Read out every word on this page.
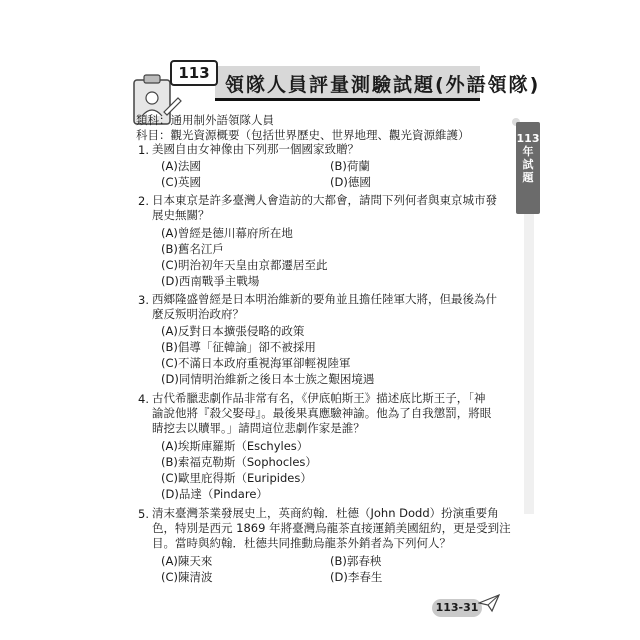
113
領隊人員評量測驗試題(外語領隊)
類科：通用制外語領隊人員
科目：觀光資源概要（包括世界歷史、世界地理、觀光資源維護）	113
年
試
題
1. 美國自由女神像由下列那一個國家致贈？
(A)法國	(B)荷蘭
(C)英國	(D)德國
2. 日本東京是許多臺灣人會造訪的大都會，請問下列何者與東京城市發
展史無關？
(A)曾經是德川幕府所在地
(B)舊名江戶
(C)明治初年天皇由京都遷居至此
(D)西南戰爭主戰場
3. 西鄉隆盛曾經是日本明治維新的要角並且擔任陸軍大將，但最後為什
麼反叛明治政府？
(A)反對日本擴張侵略的政策
(B)倡導「征韓論」卻不被採用
(C)不滿日本政府重視海軍卻輕視陸軍
(D)同情明治維新之後日本士族之艱困境遇
4. 古代希臘悲劇作品非常有名，《伊底帕斯王》描述底比斯王子，「神
諭說他將『殺父娶母』。最後果真應驗神諭。他為了自我懲罰，將眼
睛挖去以贖罪。」請問這位悲劇作家是誰？
(A)埃斯庫羅斯（Eschyles）
(B)索福克勒斯（Sophocles）
(C)歐里庇得斯（Euripides）
(D)品達（Pindare）
5. 清末臺灣茶業發展史上，英商約翰．杜德（John Dodd）扮演重要角
色，特別是西元 1869 年將臺灣烏龍茶直接運銷美國紐約，更是受到注
目。當時與約翰．杜德共同推動烏龍茶外銷者為下列何人？
(A)陳天來	(B)郭春秧
(C)陳清波	(D)李春生
113-31
